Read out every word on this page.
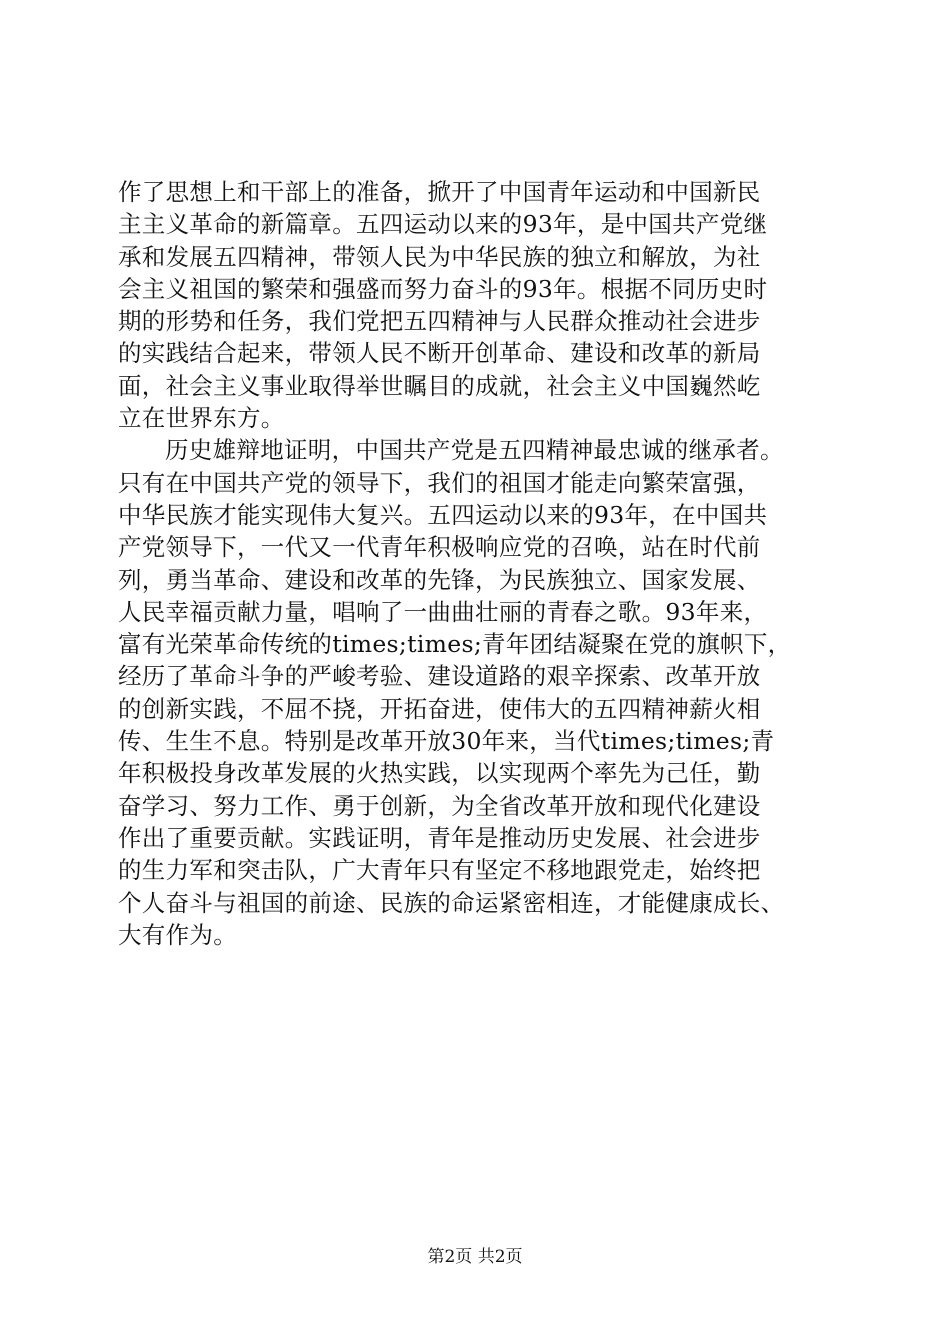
作了思想上和干部上的准备，掀开了中国青年运动和中国新民
主主义革命的新篇章。五四运动以来的93年，是中国共产党继
承和发展五四精神，带领人民为中华民族的独立和解放，为社
会主义祖国的繁荣和强盛而努力奋斗的93年。根据不同历史时
期的形势和任务，我们党把五四精神与人民群众推动社会进步
的实践结合起来，带领人民不断开创革命、建设和改革的新局
面，社会主义事业取得举世瞩目的成就，社会主义中国巍然屹
立在世界东方。
历史雄辩地证明，中国共产党是五四精神最忠诚的继承者。
只有在中国共产党的领导下，我们的祖国才能走向繁荣富强，
中华民族才能实现伟大复兴。五四运动以来的93年，在中国共
产党领导下，一代又一代青年积极响应党的召唤，站在时代前
列，勇当革命、建设和改革的先锋，为民族独立、国家发展、
人民幸福贡献力量，唱响了一曲曲壮丽的青春之歌。93年来，
富有光荣革命传统的times;times;青年团结凝聚在党的旗帜下，
经历了革命斗争的严峻考验、建设道路的艰辛探索、改革开放
的创新实践，不屈不挠，开拓奋进，使伟大的五四精神薪火相
传、生生不息。特别是改革开放30年来，当代times;times;青
年积极投身改革发展的火热实践，以实现两个率先为己任，勤
奋学习、努力工作、勇于创新，为全省改革开放和现代化建设
作出了重要贡献。实践证明，青年是推动历史发展、社会进步
的生力军和突击队，广大青年只有坚定不移地跟党走，始终把
个人奋斗与祖国的前途、民族的命运紧密相连，才能健康成长、
大有作为。
第2页 共2页
